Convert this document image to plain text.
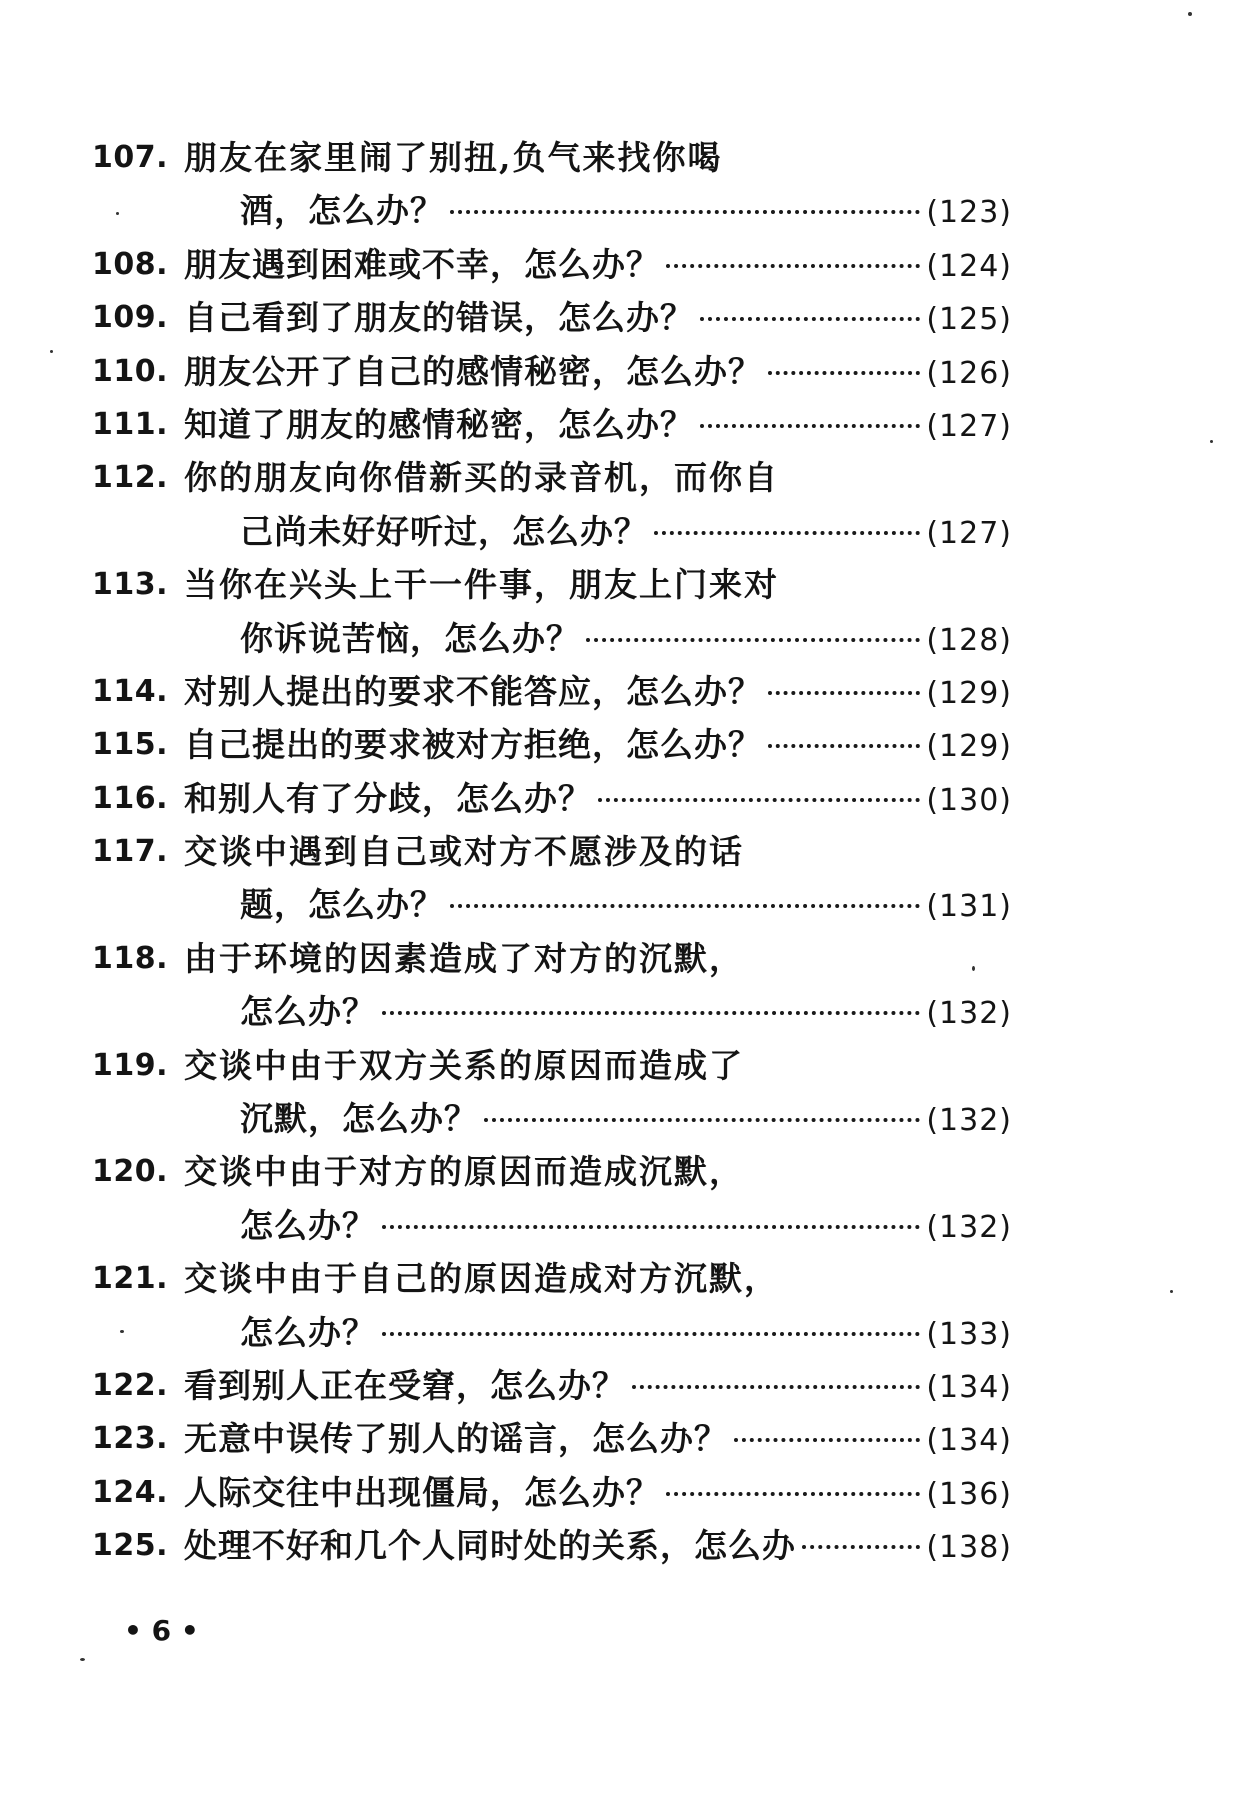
107. 朋友在家里闹了别扭,负气来找你喝
酒，怎么办？	(123)
108. 朋友遇到困难或不幸，怎么办？	(124)
109. 自己看到了朋友的错误，怎么办？	(125)
110. 朋友公开了自己的感情秘密，怎么办？	(126)
111. 知道了朋友的感情秘密，怎么办？	(127)
112. 你的朋友向你借新买的录音机，而你自
己尚未好好听过，怎么办？	(127)
113. 当你在兴头上干一件事，朋友上门来对
你诉说苦恼，怎么办？	(128)
114. 对别人提出的要求不能答应，怎么办？	(129)
115. 自己提出的要求被对方拒绝，怎么办？	(129)
116. 和别人有了分歧，怎么办？	(130)
117. 交谈中遇到自己或对方不愿涉及的话
题，怎么办？	(131)
118. 由于环境的因素造成了对方的沉默，
怎么办？	(132)
119. 交谈中由于双方关系的原因而造成了
沉默，怎么办？	(132)
120. 交谈中由于对方的原因而造成沉默，
怎么办？	(132)
121. 交谈中由于自己的原因造成对方沉默，
怎么办？	(133)
122. 看到别人正在受窘，怎么办？	(134)
123. 无意中误传了别人的谣言，怎么办？	(134)
124. 人际交往中出现僵局，怎么办？	(136)
125. 处理不好和几个人同时处的关系，怎么办	(138)
• 6 •
